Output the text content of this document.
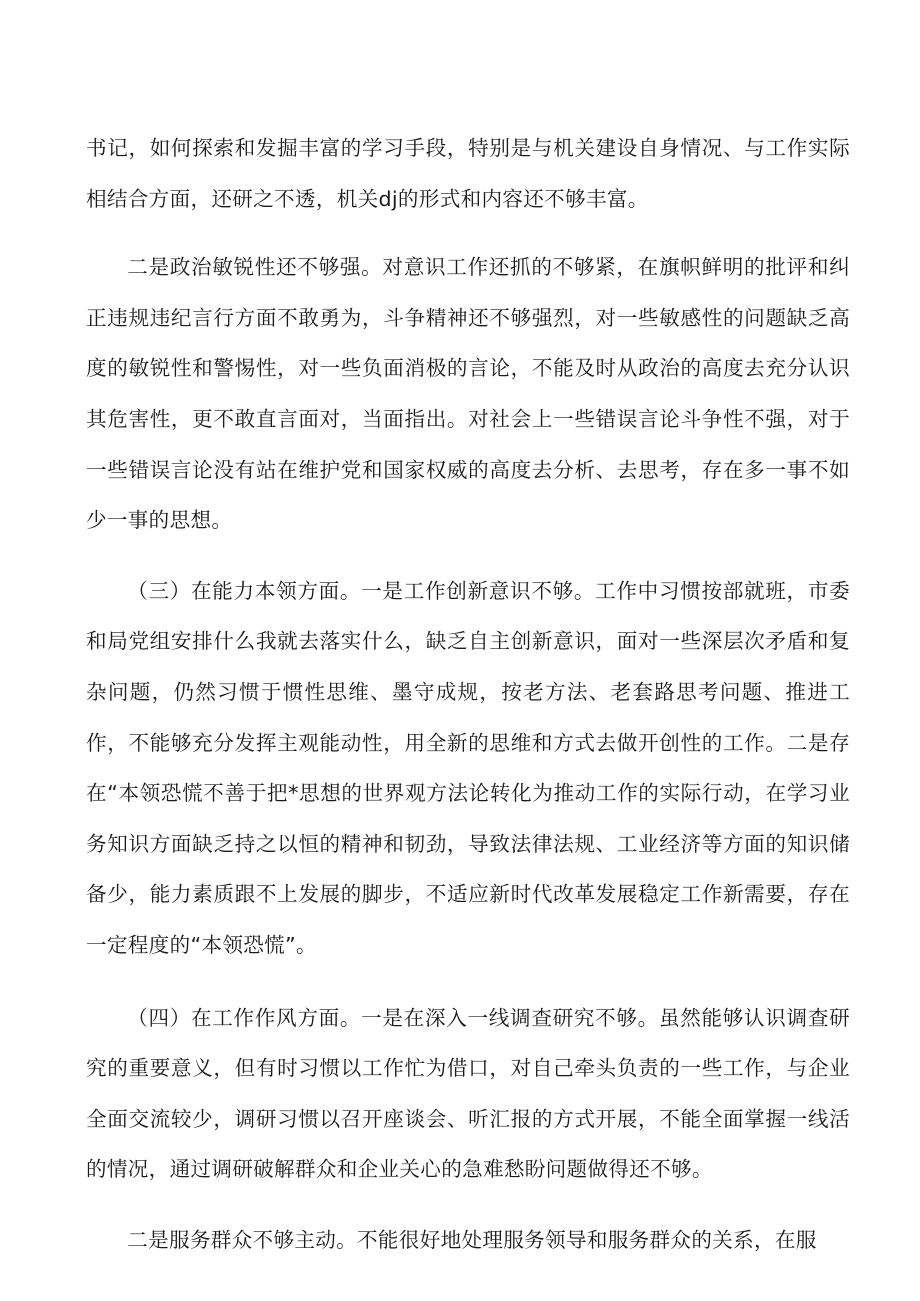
书记，如何探索和发掘丰富的学习手段，特别是与机关建设自身情况、与工作实际相结合方面，还研之不透，机关dj的形式和内容还不够丰富。

二是政治敏锐性还不够强。对意识工作还抓的不够紧，在旗帜鲜明的批评和纠正违规违纪言行方面不敢勇为，斗争精神还不够强烈，对一些敏感性的问题缺乏高度的敏锐性和警惕性，对一些负面消极的言论，不能及时从政治的高度去充分认识其危害性，更不敢直言面对，当面指出。对社会上一些错误言论斗争性不强，对于一些错误言论没有站在维护党和国家权威的高度去分析、去思考，存在多一事不如少一事的思想。

（三）在能力本领方面。一是工作创新意识不够。工作中习惯按部就班，市委和局党组安排什么我就去落实什么，缺乏自主创新意识，面对一些深层次矛盾和复杂问题，仍然习惯于惯性思维、墨守成规，按老方法、老套路思考问题、推进工作，不能够充分发挥主观能动性，用全新的思维和方式去做开创性的工作。二是存在“本领恐慌不善于把*思想的世界观方法论转化为推动工作的实际行动，在学习业务知识方面缺乏持之以恒的精神和韧劲，导致法律法规、工业经济等方面的知识储备少，能力素质跟不上发展的脚步，不适应新时代改革发展稳定工作新需要，存在一定程度的“本领恐慌”。

（四）在工作作风方面。一是在深入一线调查研究不够。虽然能够认识调查研究的重要意义，但有时习惯以工作忙为借口，对自己牵头负责的一些工作，与企业全面交流较少，调研习惯以召开座谈会、听汇报的方式开展，不能全面掌握一线活的情况，通过调研破解群众和企业关心的急难愁盼问题做得还不够。

二是服务群众不够主动。不能很好地处理服务领导和服务群众的关系，在服
